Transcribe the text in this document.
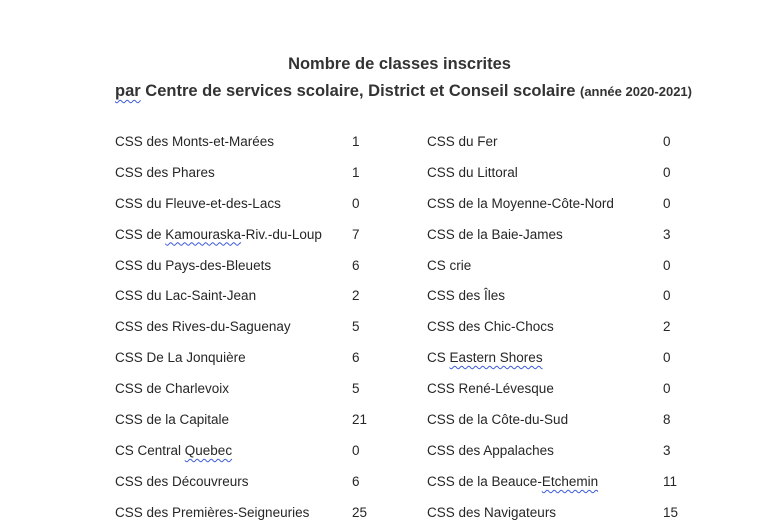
Nombre de classes inscrites
par Centre de services scolaire, District et Conseil scolaire (année 2020-2021)
CSS des Monts-et-Marées	1
CSS des Phares	1
CSS du Fleuve-et-des-Lacs	0
CSS de Kamouraska-Riv.-du-Loup 7
CSS du Pays-des-Bleuets	6
CSS du Lac-Saint-Jean	2
CSS des Rives-du-Saguenay	5
CSS De La Jonquière	6
CSS de Charlevoix	5
CSS de la Capitale	21
CS Central Quebec	0
CSS des Découvreurs	6
CSS des Premières-Seigneuries	25
CSS du Fer	0
CSS du Littoral	0
CSS de la Moyenne-Côte-Nord	0
CSS de la Baie-James	3
CS crie	0
CSS des Îles	0
CSS des Chic-Chocs	2
CS Eastern Shores	0
CSS René-Lévesque	0
CSS de la Côte-du-Sud	8
CSS des Appalaches	3
CSS de la Beauce-Etchemin	11
CSS des Navigateurs	15
